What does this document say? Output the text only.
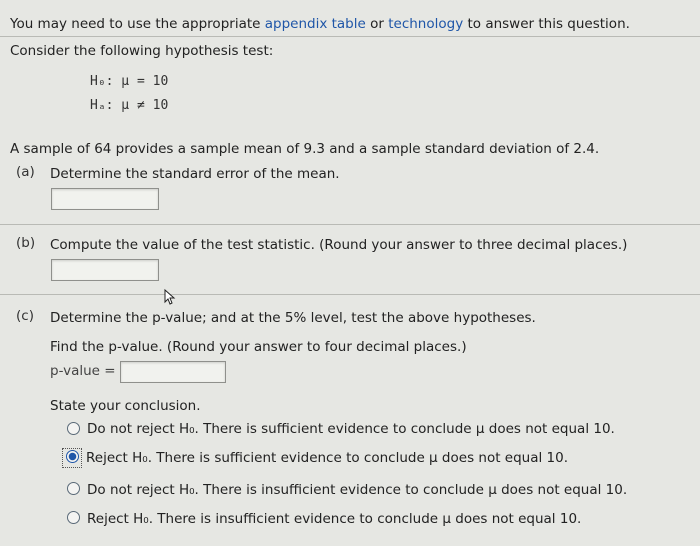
You may need to use the appropriate appendix table or technology to answer this question.
Consider the following hypothesis test:
H₀: μ = 10
Hₐ: μ ≠ 10
A sample of 64 provides a sample mean of 9.3 and a sample standard deviation of 2.4.
(a) Determine the standard error of the mean.
(b) Compute the value of the test statistic. (Round your answer to three decimal places.)
(c) Determine the p-value; and at the 5% level, test the above hypotheses.
Find the p-value. (Round your answer to four decimal places.)
p-value =
State your conclusion.
Do not reject H₀. There is sufficient evidence to conclude μ does not equal 10.
Reject H₀. There is sufficient evidence to conclude μ does not equal 10.
Do not reject H₀. There is insufficient evidence to conclude μ does not equal 10.
Reject H₀. There is insufficient evidence to conclude μ does not equal 10.
